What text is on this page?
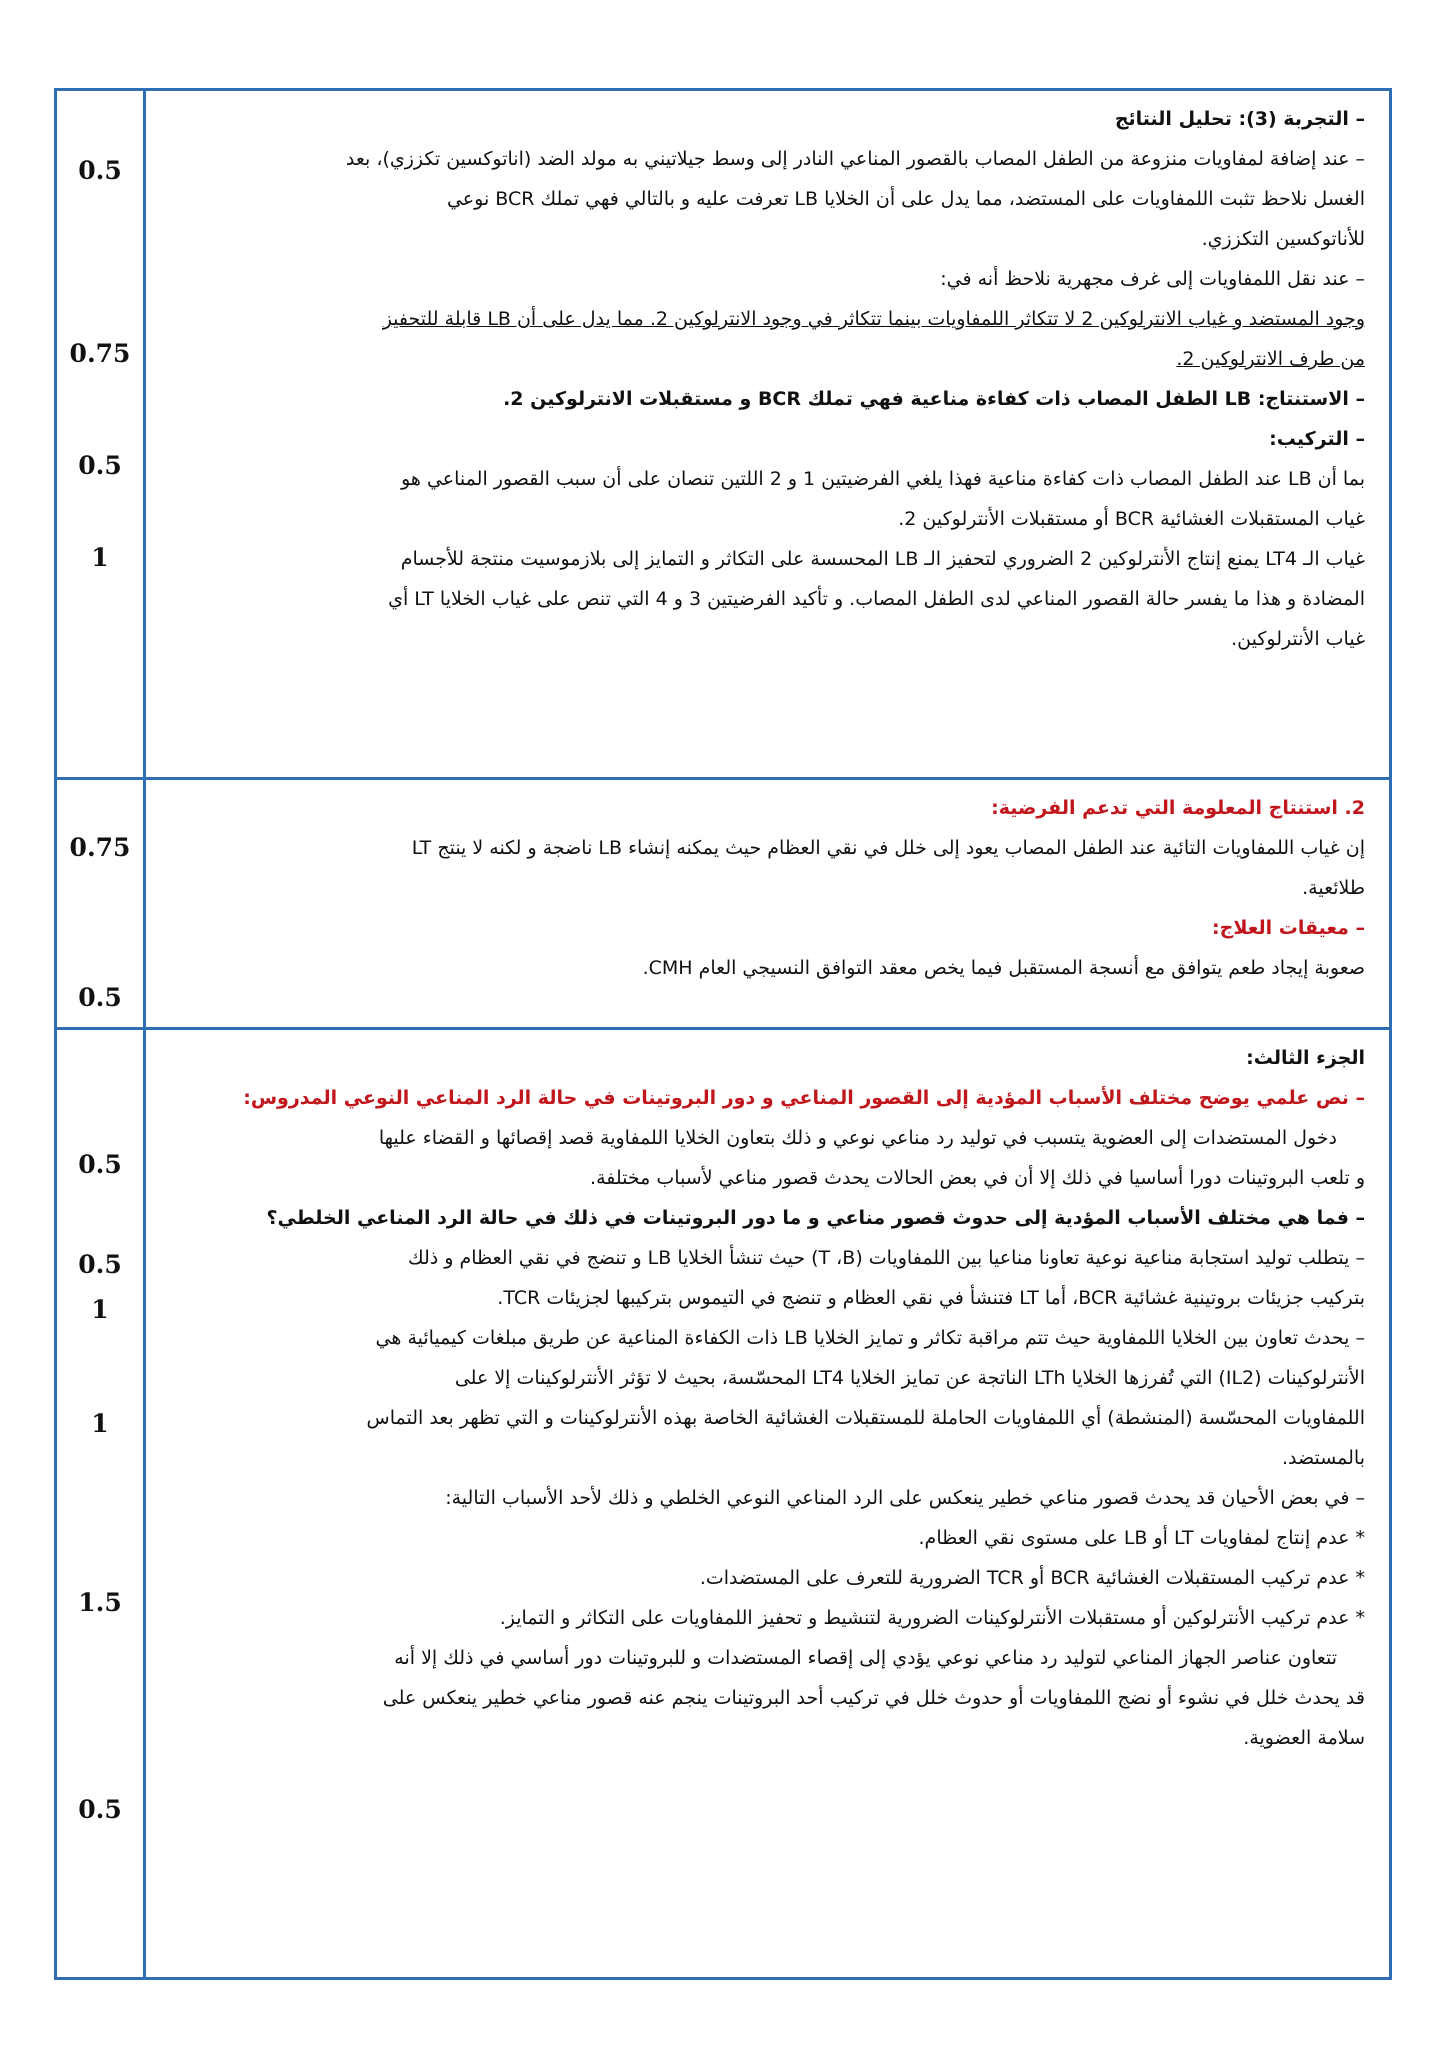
0.5
0.75
0.5
1
– التجربة (3): تحليل النتائج
– عند إضافة لمفاويات منزوعة من الطفل المصاب بالقصور المناعي النادر إلى وسط جيلاتيني به مولد الضد (اناتوكسين تكززي)، بعد
الغسل نلاحظ تثبت اللمفاويات على المستضد، مما يدل على أن الخلايا LB تعرفت عليه و بالتالي فهي تملك BCR نوعي
للأناتوكسين التكززي.
– عند نقل اللمفاويات إلى غرف مجهرية نلاحظ أنه في:
وجود المستضد و غياب الانترلوكين 2 لا تتكاثر اللمفاويات بينما تتكاثر في وجود الانترلوكين 2. مما يدل على أن LB قابلة للتحفيز
من طرف الانترلوكين 2.
– الاستنتاج: LB الطفل المصاب ذات كفاءة مناعية فهي تملك BCR و مستقبلات الانترلوكين 2.
– التركيب:
بما أن LB عند الطفل المصاب ذات كفاءة مناعية فهذا يلغي الفرضيتين 1 و 2 اللتين تنصان على أن سبب القصور المناعي هو
غياب المستقبلات الغشائية BCR أو مستقبلات الأنترلوكين 2.
غياب الـ LT4 يمنع إنتاج الأنترلوكين 2 الضروري لتحفيز الـ LB المحسسة على التكاثر و التمايز إلى بلازموسيت منتجة للأجسام
المضادة و هذا ما يفسر حالة القصور المناعي لدى الطفل المصاب. و تأكيد الفرضيتين 3 و 4 التي تنص على غياب الخلايا LT أي
غياب الأنترلوكين.
0.75
0.5
2. استنتاج المعلومة التي تدعم الفرضية:
إن غياب اللمفاويات التائية عند الطفل المصاب يعود إلى خلل في نقي العظام حيث يمكنه إنشاء LB ناضجة و لكنه لا ينتج LT
طلائعية.
– معيقات العلاج:
صعوبة إيجاد طعم يتوافق مع أنسجة المستقبل فيما يخص معقد التوافق النسيجي العام CMH.
0.5
0.5
1
1
1.5
0.5
الجزء الثالث:
– نص علمي يوضح مختلف الأسباب المؤدية إلى القصور المناعي و دور البروتينات في حالة الرد المناعي النوعي المدروس:
دخول المستضدات إلى العضوية يتسبب في توليد رد مناعي نوعي و ذلك بتعاون الخلايا اللمفاوية قصد إقصائها و القضاء عليها
و تلعب البروتينات دورا أساسيا في ذلك إلا أن في بعض الحالات يحدث قصور مناعي لأسباب مختلفة.
– فما هي مختلف الأسباب المؤدية إلى حدوث قصور مناعي و ما دور البروتينات في ذلك في حالة الرد المناعي الخلطي؟
– يتطلب توليد استجابة مناعية نوعية تعاونا مناعيا بين اللمفاويات (T ،B) حيث تنشأ الخلايا LB و تنضج في نقي العظام و ذلك
بتركيب جزيئات بروتينية غشائية BCR، أما LT فتنشأ في نقي العظام و تنضج في التيموس بتركيبها لجزيئات TCR.
– يحدث تعاون بين الخلايا اللمفاوية حيث تتم مراقبة تكاثر و تمايز الخلايا LB ذات الكفاءة المناعية عن طريق مبلغات كيميائية هي
الأنترلوكينات (IL2) التي تُفرزها الخلايا LTh الناتجة عن تمايز الخلايا LT4 المحسّسة، بحيث لا تؤثر الأنترلوكينات إلا على
اللمفاويات المحسّسة (المنشطة) أي اللمفاويات الحاملة للمستقبلات الغشائية الخاصة بهذه الأنترلوكينات و التي تظهر بعد التماس
بالمستضد.
– في بعض الأحيان قد يحدث قصور مناعي خطير ينعكس على الرد المناعي النوعي الخلطي و ذلك لأحد الأسباب التالية:
* عدم إنتاج لمفاويات LT أو LB على مستوى نقي العظام.
* عدم تركيب المستقبلات الغشائية BCR أو TCR الضرورية للتعرف على المستضدات.
* عدم تركيب الأنترلوكين أو مستقبلات الأنترلوكينات الضرورية لتنشيط و تحفيز اللمفاويات على التكاثر و التمايز.
تتعاون عناصر الجهاز المناعي لتوليد رد مناعي نوعي يؤدي إلى إقصاء المستضدات و للبروتينات دور أساسي في ذلك إلا أنه
قد يحدث خلل في نشوء أو نضج اللمفاويات أو حدوث خلل في تركيب أحد البروتينات ينجم عنه قصور مناعي خطير ينعكس على
سلامة العضوية.
